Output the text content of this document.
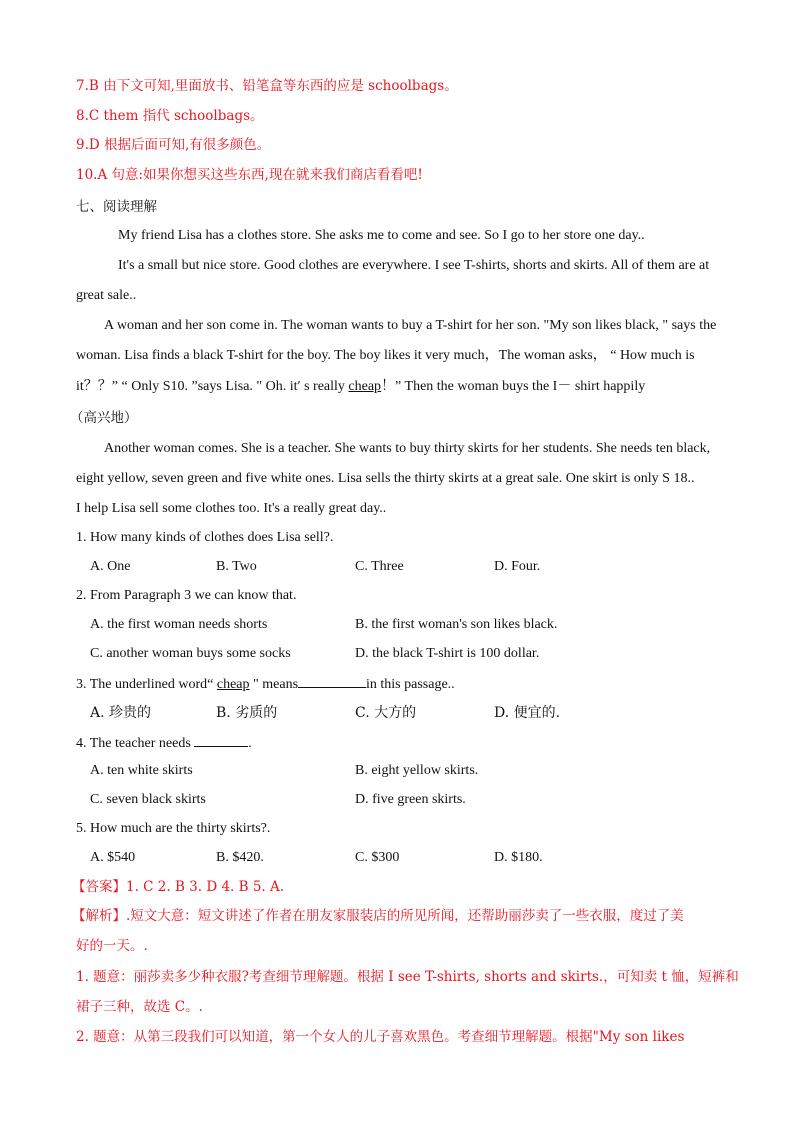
7.B 由下文可知,里面放书、铅笔盒等东西的应是 schoolbags。
8.C them 指代 schoolbags。
9.D 根据后面可知,有很多颜色。
10.A 句意:如果你想买这些东西,现在就来我们商店看看吧!
七、阅读理解
My friend Lisa has a clothes store. She asks me to come and see. So I go to her store one day..
It's a small but nice store. Good clothes are everywhere. I see T-shirts, shorts and skirts. All of them are at
great sale..
A woman and her son come in. The woman wants to buy a T-shirt for her son. "My son likes black, " says the
woman. Lisa finds a black T-shirt for the boy. The boy likes it very much，The woman asks， “ How much is
it？？” “ Only S10. ”says Lisa. " Oh. it′ s really cheap！” Then the woman buys the I－ shirt happily
（高兴地）
Another woman comes. She is a teacher. She wants to buy thirty skirts for her students. She needs ten black,
eight yellow, seven green and five white ones. Lisa sells the thirty skirts at a great sale. One skirt is only S 18..
I help Lisa sell some clothes too. It's a really great day..
1. How many kinds of clothes does Lisa sell?.
A. One	B. Two	C. Three	D. Four.
2. From Paragraph 3 we can know that.
A. the first woman needs shorts	B. the first woman's son likes black.
C. another woman buys some socks	D. the black T-shirt is 100 dollar.
3. The underlined word“ cheap " means	in this passage..
A. 珍贵的	B. 劣质的	C. 大方的	D. 便宜的.
4. The teacher needs	.
A. ten white skirts	B. eight yellow skirts.
C. seven black skirts	D. five green skirts.
5. How much are the thirty skirts?.
A. $540	B. $420.	C. $300	D. $180.
【答案】1. C 2. B 3. D 4. B 5. A.
【解析】.短文大意：短文讲述了作者在朋友家服装店的所见所闻，还帮助丽莎卖了一些衣服，度过了美
好的一天。.
1. 题意：丽莎卖多少种衣服?考查细节理解题。根据 I see T-shirts, shorts and skirts.，可知卖 t 恤，短裤和
裙子三种，故选 C。.
2. 题意：从第三段我们可以知道，第一个女人的儿子喜欢黑色。考查细节理解题。根据"My son likes
